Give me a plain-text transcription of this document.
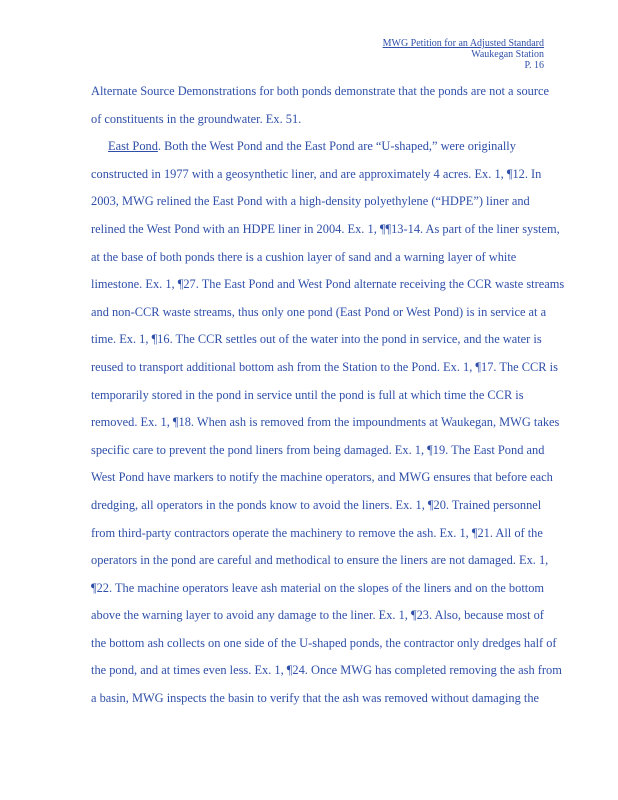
MWG Petition for an Adjusted Standard
Waukegan Station
P. 16
Alternate Source Demonstrations for both ponds demonstrate that the ponds are not a source
of constituents in the groundwater. Ex. 51.
East Pond. Both the West Pond and the East Pond are “U-shaped,” were originally
constructed in 1977 with a geosynthetic liner, and are approximately 4 acres. Ex. 1, ¶12. In
2003, MWG relined the East Pond with a high-density polyethylene (“HDPE”) liner and
relined the West Pond with an HDPE liner in 2004. Ex. 1, ¶¶13-14. As part of the liner system,
at the base of both ponds there is a cushion layer of sand and a warning layer of white
limestone. Ex. 1, ¶27. The East Pond and West Pond alternate receiving the CCR waste streams
and non-CCR waste streams, thus only one pond (East Pond or West Pond) is in service at a
time. Ex. 1, ¶16. The CCR settles out of the water into the pond in service, and the water is
reused to transport additional bottom ash from the Station to the Pond. Ex. 1, ¶17. The CCR is
temporarily stored in the pond in service until the pond is full at which time the CCR is
removed. Ex. 1, ¶18. When ash is removed from the impoundments at Waukegan, MWG takes
specific care to prevent the pond liners from being damaged. Ex. 1, ¶19. The East Pond and
West Pond have markers to notify the machine operators, and MWG ensures that before each
dredging, all operators in the ponds know to avoid the liners. Ex. 1, ¶20. Trained personnel
from third-party contractors operate the machinery to remove the ash. Ex. 1, ¶21. All of the
operators in the pond are careful and methodical to ensure the liners are not damaged. Ex. 1,
¶22. The machine operators leave ash material on the slopes of the liners and on the bottom
above the warning layer to avoid any damage to the liner. Ex. 1, ¶23. Also, because most of
the bottom ash collects on one side of the U-shaped ponds, the contractor only dredges half of
the pond, and at times even less. Ex. 1, ¶24. Once MWG has completed removing the ash from
a basin, MWG inspects the basin to verify that the ash was removed without damaging the
